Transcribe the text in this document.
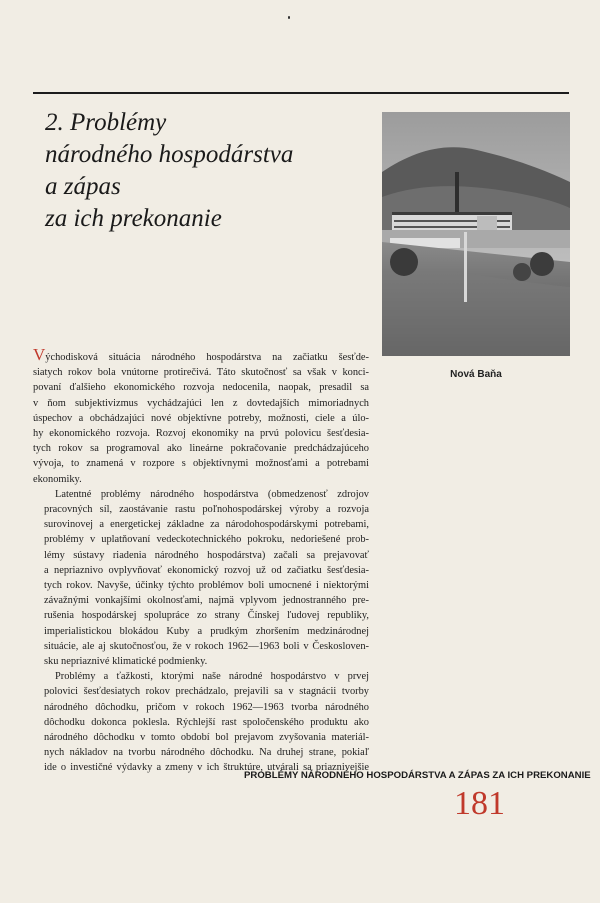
2. Problémy
národného hospodárstva
a zápas
za ich prekonanie
Nová Baňa

Východisková situácia národného hospodárstva na začiatku šesťde-
siatych rokov bola vnútorne protirečivá. Táto skutočnosť sa však v konci-
povaní ďalšieho ekonomického rozvoja nedocenila, naopak, presadil sa
v ňom subjektivizmus vychádzajúci len z dovtedajších mimoriadnych
úspechov a obchádzajúci nové objektívne potreby, možnosti, ciele a úlo-
hy ekonomického rozvoja. Rozvoj ekonomiky na prvú polovicu šesťdesia-
tych rokov sa programoval ako lineárne pokračovanie predchádzajúceho
vývoja, to znamená v rozpore s objektívnymi možnosťami a potrebami
ekonomiky.

Latentné problémy národného hospodárstva (obmedzenosť zdrojov
pracovných síl, zaostávanie rastu poľnohospodárskej výroby a rozvoja
surovinovej a energetickej základne za národohospodárskymi potrebami,
problémy v uplatňovaní vedeckotechnického pokroku, nedoriešené prob-
lémy sústavy riadenia národného hospodárstva) začali sa prejavovať
a nepriaznivo ovplyvňovať ekonomický rozvoj už od začiatku šesťdesia-
tych rokov. Navyše, účinky týchto problémov boli umocnené i niektorými
závažnými vonkajšími okolnosťami, najmä vplyvom jednostranného pre-
rušenia hospodárskej spolupráce zo strany Čínskej ľudovej republiky,
imperialistickou blokádou Kuby a prudkým zhoršením medzinárodnej
situácie, ale aj skutočnosťou, že v rokoch 1962—1963 boli v Českosloven-
sku nepriaznivé klimatické podmienky.

Problémy a ťažkosti, ktorými naše národné hospodárstvo v prvej
polovici šesťdesiatych rokov prechádzalo, prejavili sa v stagnácii tvorby
národného dôchodku, pričom v rokoch 1962—1963 tvorba národného
dôchodku dokonca poklesla. Rýchlejší rast spoločenského produktu ako
národného dôchodku v tomto období bol prejavom zvyšovania materiál-
nych nákladov na tvorbu národného dôchodku. Na druhej strane, pokiaľ
ide o investičné výdavky a zmeny v ich štruktúre, utvárali sa priaznivejšie

PROBLÉMY NÁRODNÉHO HOSPODÁRSTVA A ZÁPAS ZA ICH PREKONANIE
181
